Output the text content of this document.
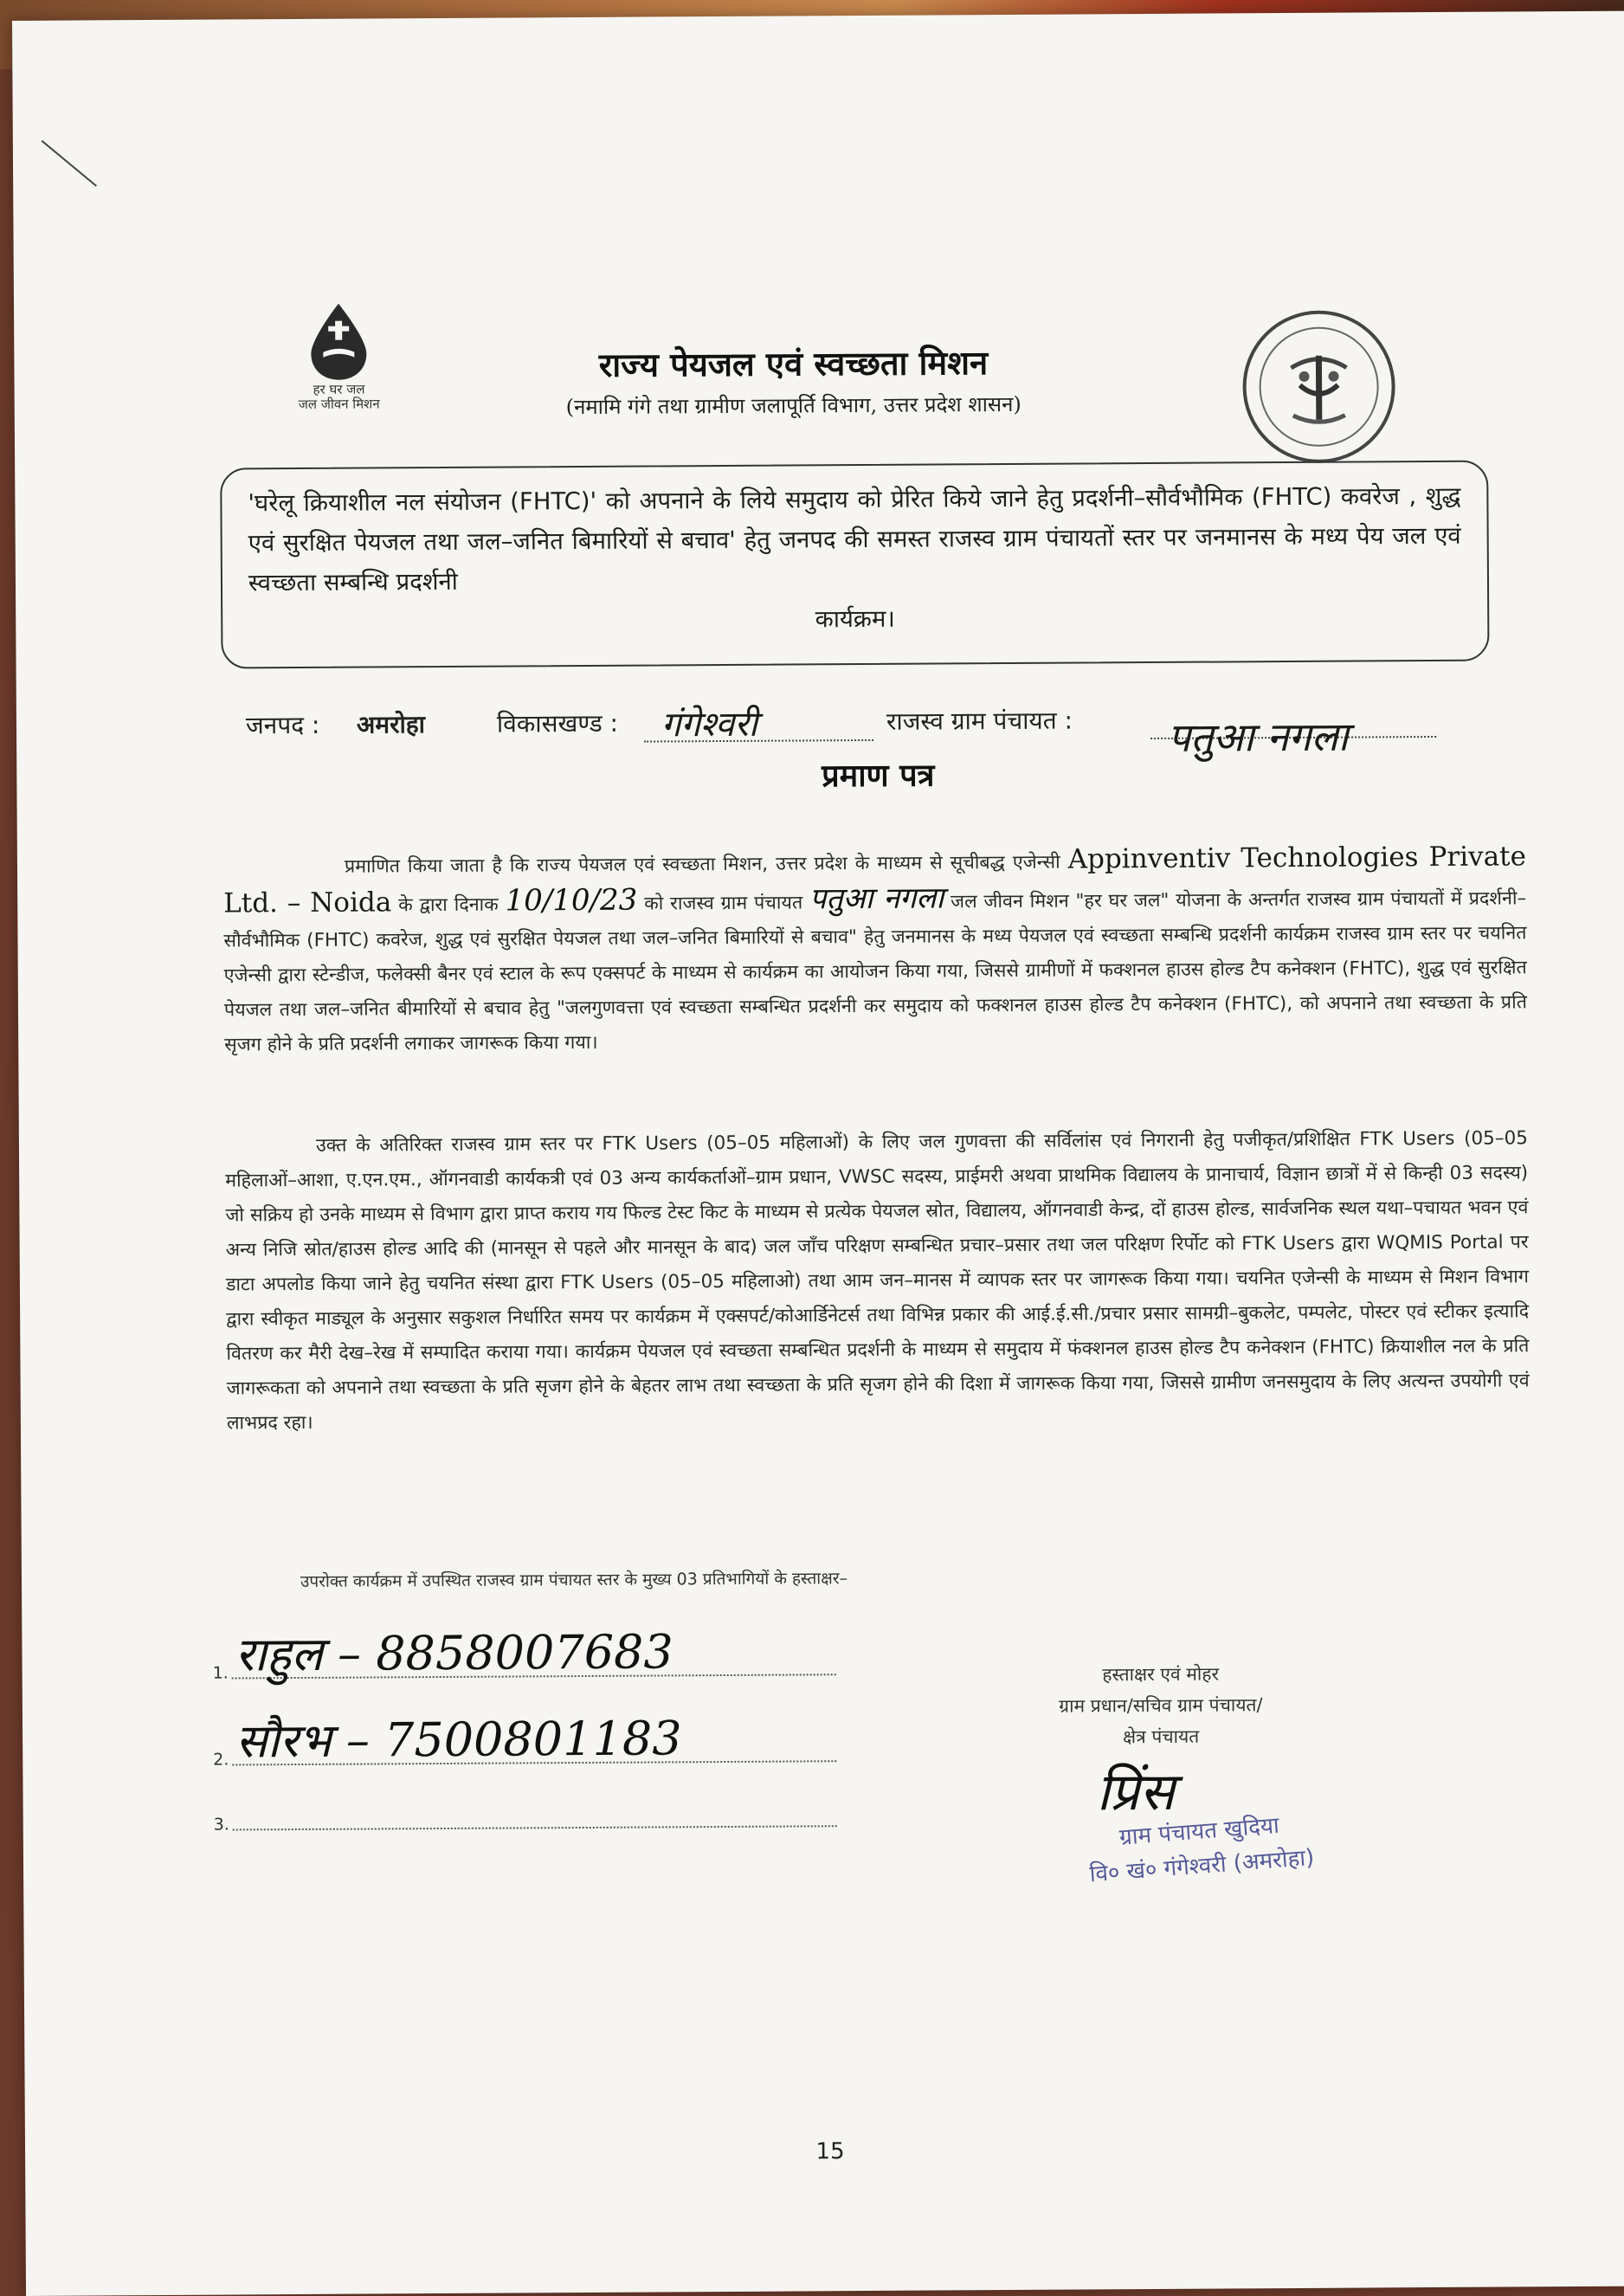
हर घर जल
जल जीवन मिशन
राज्य पेयजल एवं स्वच्छता मिशन
(नमामि गंगे तथा ग्रामीण जलापूर्ति विभाग, उत्तर प्रदेश शासन)
'घरेलू क्रियाशील नल संयोजन (FHTC)' को अपनाने के लिये समुदाय को प्रेरित किये जाने हेतु प्रदर्शनी–सौर्वभौमिक (FHTC) कवरेज , शुद्ध एवं सुरक्षित पेयजल तथा जल–जनित बिमारियों से बचाव' हेतु जनपद की समस्त राजस्व ग्राम पंचायतों स्तर पर जनमानस के मध्य पेय जल एवं स्वच्छता सम्बन्धि प्रदर्शनी
कार्यक्रम।
जनपद : अमरोहा	विकासखण्ड : गंगेश्वरी	राजस्व ग्राम पंचायत : पतुआ नगला
प्रमाण पत्र
प्रमाणित किया जाता है कि राज्य पेयजल एवं स्वच्छता मिशन, उत्तर प्रदेश के माध्यम से सूचीबद्ध एजेन्सी Appinventiv Technologies Private Ltd. – Noida के द्वारा दिनाक 10/10/23 को राजस्व ग्राम पंचायत पतुआ नगला जल जीवन मिशन "हर घर जल" योजना के अन्तर्गत राजस्व ग्राम पंचायतों में प्रदर्शनी–सौर्वभौमिक (FHTC) कवरेज, शुद्ध एवं सुरक्षित पेयजल तथा जल–जनित बिमारियों से बचाव" हेतु जनमानस के मध्य पेयजल एवं स्वच्छता सम्बन्धि प्रदर्शनी कार्यक्रम राजस्व ग्राम स्तर पर चयनित एजेन्सी द्वारा स्टेन्डीज, फलेक्सी बैनर एवं स्टाल के रूप एक्सपर्ट के माध्यम से कार्यक्रम का आयोजन किया गया, जिससे ग्रामीणों में फक्शनल हाउस होल्ड टैप कनेक्शन (FHTC), शुद्ध एवं सुरक्षित पेयजल तथा जल–जनित बीमारियों से बचाव हेतु "जलगुणवत्ता एवं स्वच्छता सम्बन्धित प्रदर्शनी कर समुदाय को फक्शनल हाउस होल्ड टैप कनेक्शन (FHTC), को अपनाने तथा स्वच्छता के प्रति सृजग होने के प्रति प्रदर्शनी लगाकर जागरूक किया गया।
उक्त के अतिरिक्त राजस्व ग्राम स्तर पर FTK Users (05–05 महिलाओं) के लिए जल गुणवत्ता की सर्विलांस एवं निगरानी हेतु पजीकृत/प्रशिक्षित FTK Users (05–05 महिलाओं–आशा, ए.एन.एम., ऑगनवाडी कार्यकत्री एवं 03 अन्य कार्यकर्ताओं–ग्राम प्रधान, VWSC सदस्य, प्राईमरी अथवा प्राथमिक विद्यालय के प्रानाचार्य, विज्ञान छात्रों में से किन्ही 03 सदस्य) जो सक्रिय हो उनके माध्यम से विभाग द्वारा प्राप्त कराय गय फिल्ड टेस्ट किट के माध्यम से प्रत्येक पेयजल स्रोत, विद्यालय, ऑगनवाडी केन्द्र, दों हाउस होल्ड, सार्वजनिक स्थल यथा–पचायत भवन एवं अन्य निजि स्रोत/हाउस होल्ड आदि की (मानसून से पहले और मानसून के बाद) जल जाँच परिक्षण सम्बन्धित प्रचार–प्रसार तथा जल परिक्षण रिर्पोट को FTK Users द्वारा WQMIS Portal पर डाटा अपलोड किया जाने हेतु चयनित संस्था द्वारा FTK Users (05–05 महिलाओ) तथा आम जन–मानस में व्यापक स्तर पर जागरूक किया गया। चयनित एजेन्सी के माध्यम से मिशन विभाग द्वारा स्वीकृत माड्यूल के अनुसार सकुशल निर्धारित समय पर कार्यक्रम में एक्सपर्ट/कोआर्डिनेटर्स तथा विभिन्न प्रकार की आई.ई.सी./प्रचार प्रसार सामग्री–बुकलेट, पम्पलेट, पोस्टर एवं स्टीकर इत्यादि वितरण कर मैरी देख–रेख में सम्पादित कराया गया। कार्यक्रम पेयजल एवं स्वच्छता सम्बन्धित प्रदर्शनी के माध्यम से समुदाय में फंक्शनल हाउस होल्ड टैप कनेक्शन (FHTC) क्रियाशील नल के प्रति जागरूकता को अपनाने तथा स्वच्छता के प्रति सृजग होने के बेहतर लाभ तथा स्वच्छता के प्रति सृजग होने की दिशा में जागरूक किया गया, जिससे ग्रामीण जनसमुदाय के लिए अत्यन्त उपयोगी एवं लाभप्रद रहा।
उपरोक्त कार्यक्रम में उपस्थित राजस्व ग्राम पंचायत स्तर के मुख्य 03 प्रतिभागियों के हस्ताक्षर–
1. राहुल – 8858007683
2. सौरभ – 7500801183
3.
हस्ताक्षर एवं मोहर
ग्राम प्रधान/सचिव ग्राम पंचायत/
क्षेत्र पंचायत
प्रिंस
ग्राम पंचायत खुदिया
वि० खं० गंगेश्वरी (अमरोहा)
15
